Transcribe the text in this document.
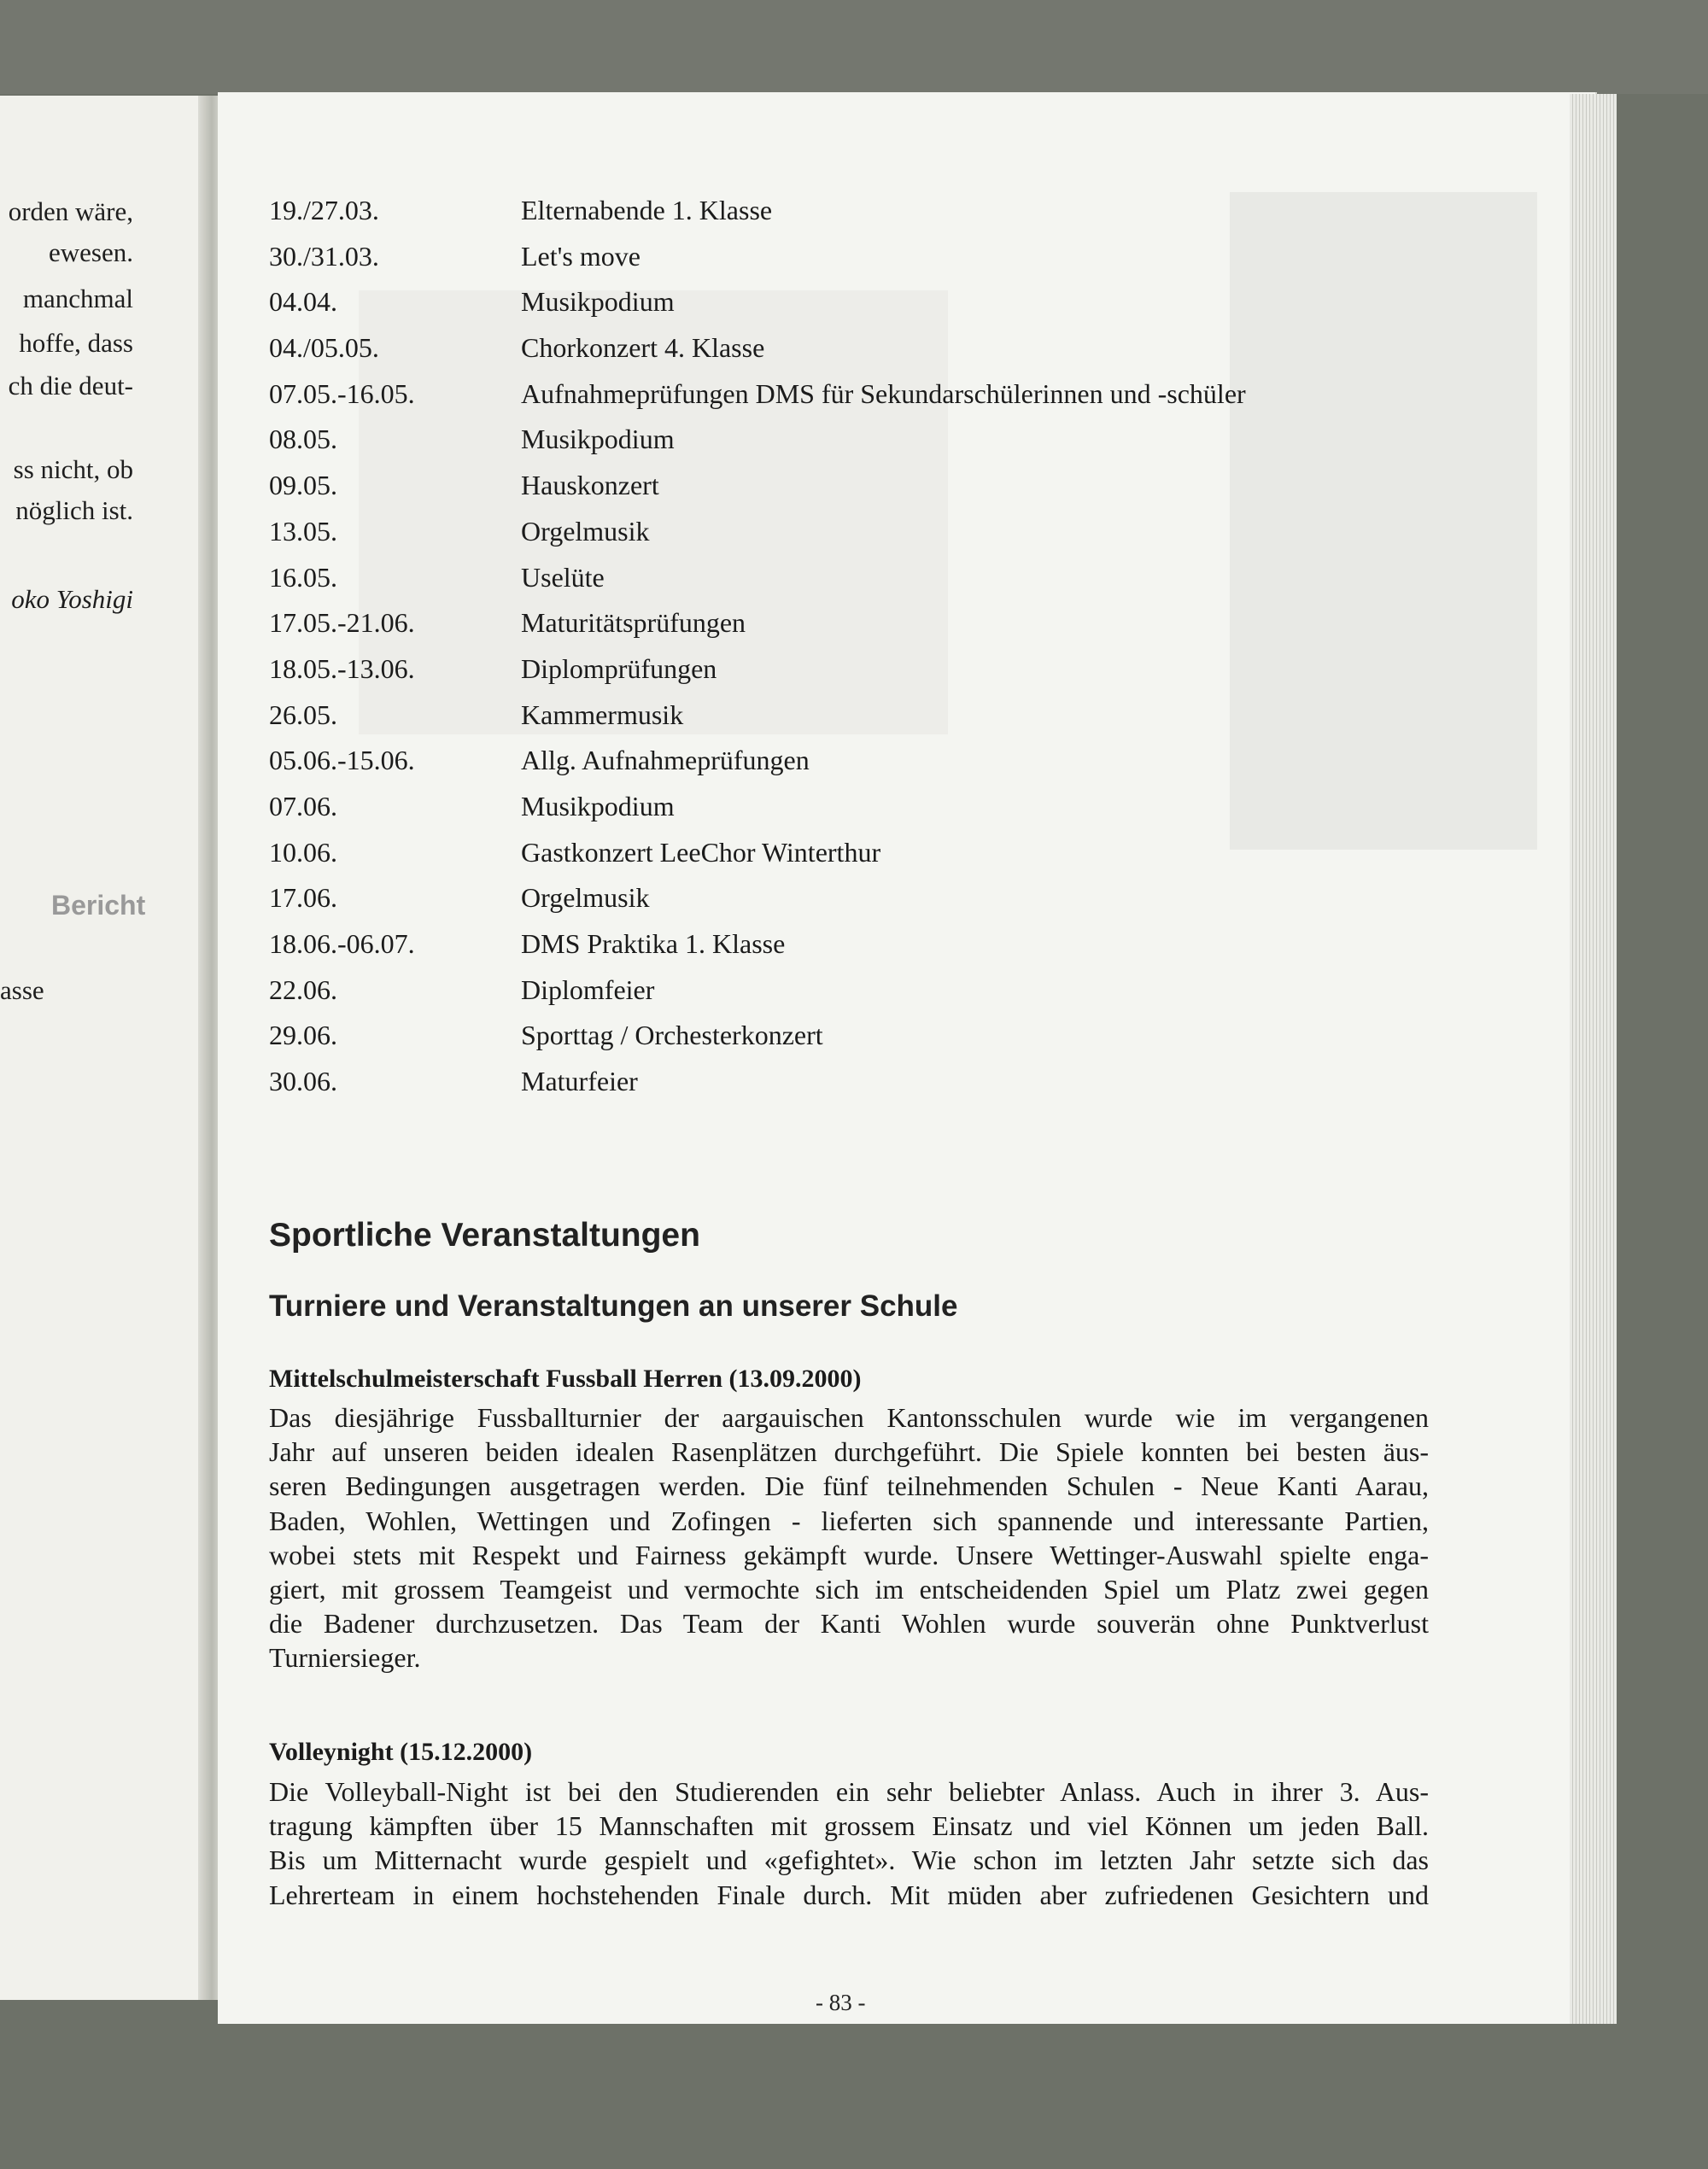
orden wäre,
ewesen.
manchmal
hoffe, dass
ch die deut-
ss nicht, ob
nöglich ist.
oko Yoshigi
Bericht
asse
19./27.03.	Elternabende 1. Klasse
30./31.03.	Let's move
04.04.	Musikpodium
04./05.05.	Chorkonzert 4. Klasse
07.05.-16.05.	Aufnahmeprüfungen DMS für Sekundarschülerinnen und -schüler
08.05.	Musikpodium
09.05.	Hauskonzert
13.05.	Orgelmusik
16.05.	Uselüte
17.05.-21.06.	Maturitätsprüfungen
18.05.-13.06.	Diplomprüfungen
26.05.	Kammermusik
05.06.-15.06.	Allg. Aufnahmeprüfungen
07.06.	Musikpodium
10.06.	Gastkonzert LeeChor Winterthur
17.06.	Orgelmusik
18.06.-06.07.	DMS Praktika 1. Klasse
22.06.	Diplomfeier
29.06.	Sporttag / Orchesterkonzert
30.06.	Maturfeier
Sportliche Veranstaltungen
Turniere und Veranstaltungen an unserer Schule
Mittelschulmeisterschaft Fussball Herren (13.09.2000)
Das diesjährige Fussballturnier der aargauischen Kantonsschulen wurde wie im vergangenen
Jahr auf unseren beiden idealen Rasenplätzen durchgeführt. Die Spiele konnten bei besten äus-
seren Bedingungen ausgetragen werden. Die fünf teilnehmenden Schulen - Neue Kanti Aarau,
Baden, Wohlen, Wettingen und Zofingen - lieferten sich spannende und interessante Partien,
wobei stets mit Respekt und Fairness gekämpft wurde. Unsere Wettinger-Auswahl spielte enga-
giert, mit grossem Teamgeist und vermochte sich im entscheidenden Spiel um Platz zwei gegen
die Badener durchzusetzen. Das Team der Kanti Wohlen wurde souverän ohne Punktverlust
Turniersieger.
Volleynight (15.12.2000)
Die Volleyball-Night ist bei den Studierenden ein sehr beliebter Anlass. Auch in ihrer 3. Aus-
tragung kämpften über 15 Mannschaften mit grossem Einsatz und viel Können um jeden Ball.
Bis um Mitternacht wurde gespielt und «gefightet». Wie schon im letzten Jahr setzte sich das
Lehrerteam in einem hochstehenden Finale durch. Mit müden aber zufriedenen Gesichtern und
- 83 -
